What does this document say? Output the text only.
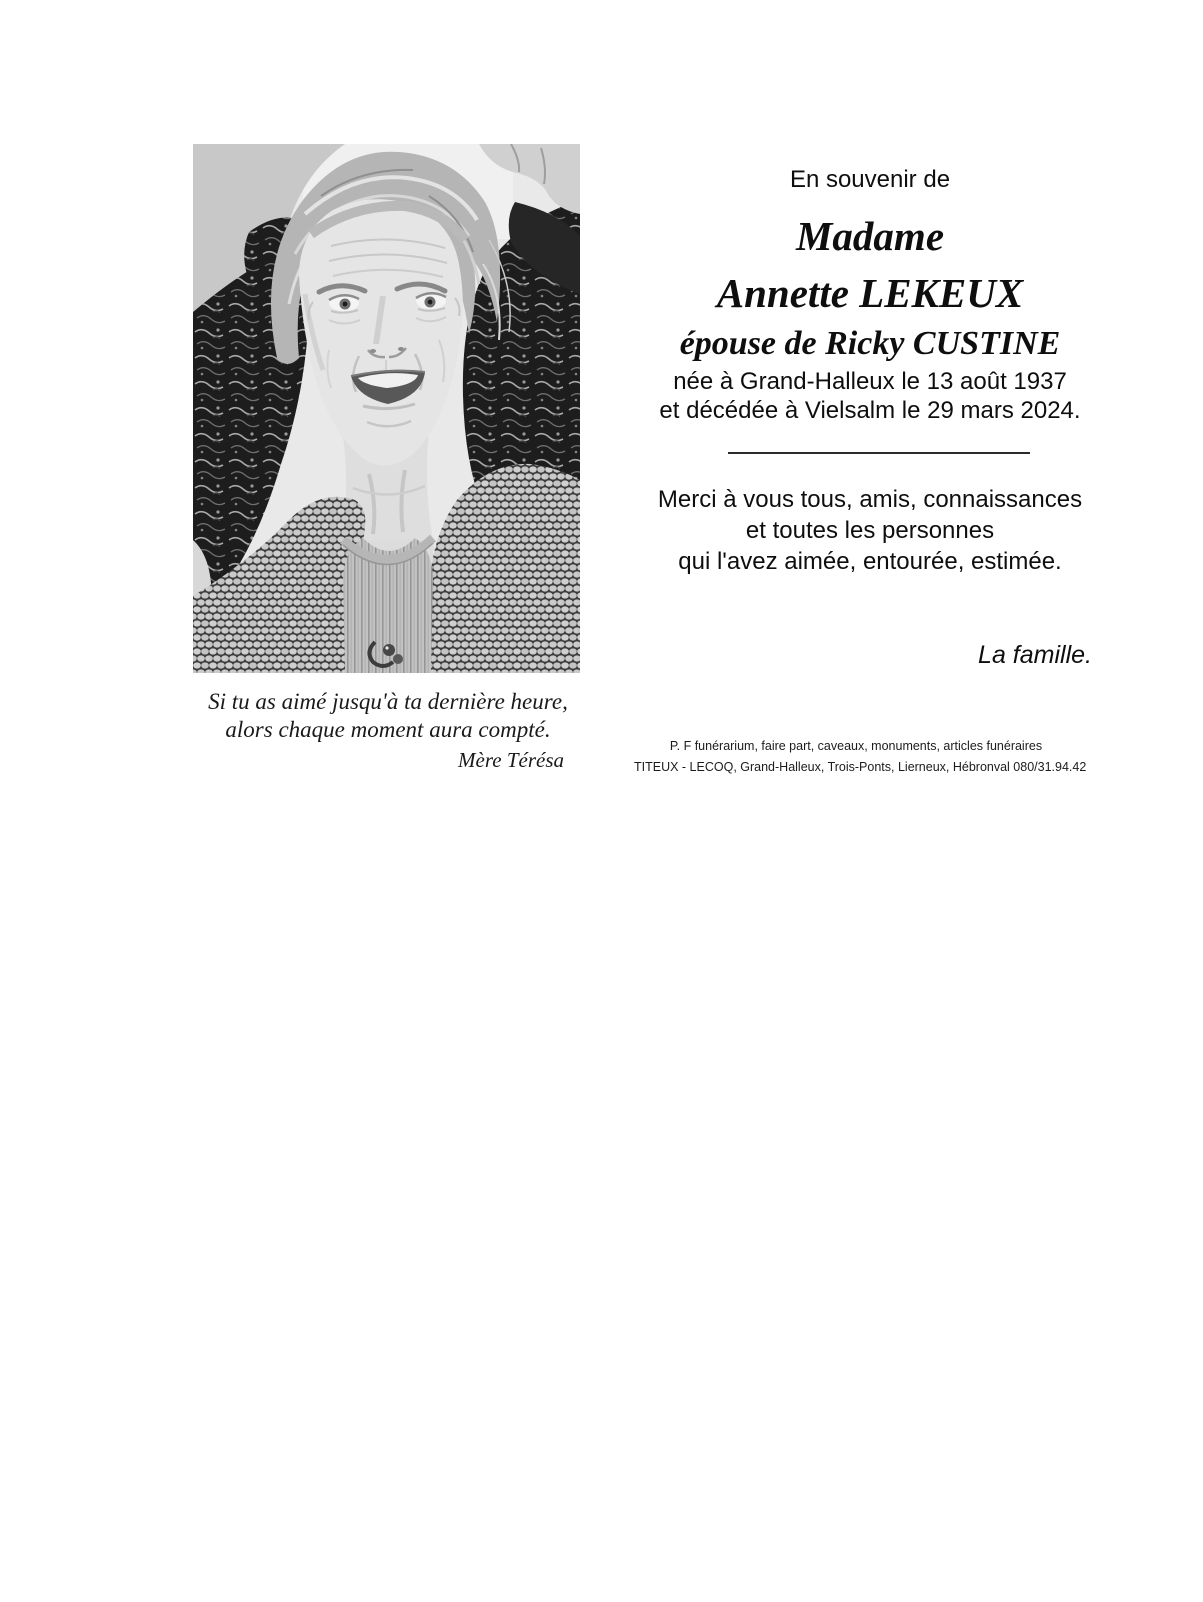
Si tu as aimé jusqu'à ta dernière heure,
alors chaque moment aura compté.
Mère Térésa
En souvenir de
Madame
Annette LEKEUX
épouse de Ricky CUSTINE
née à Grand-Halleux le 13 août 1937
et décédée à Vielsalm le 29 mars 2024.
Merci à vous tous, amis, connaissances
et toutes les personnes
qui l'avez aimée, entourée, estimée.
La famille.
P. F funérarium, faire part, caveaux, monuments, articles funéraires
TITEUX - LECOQ, Grand-Halleux, Trois-Ponts, Lierneux, Hébronval 080/31.94.42
